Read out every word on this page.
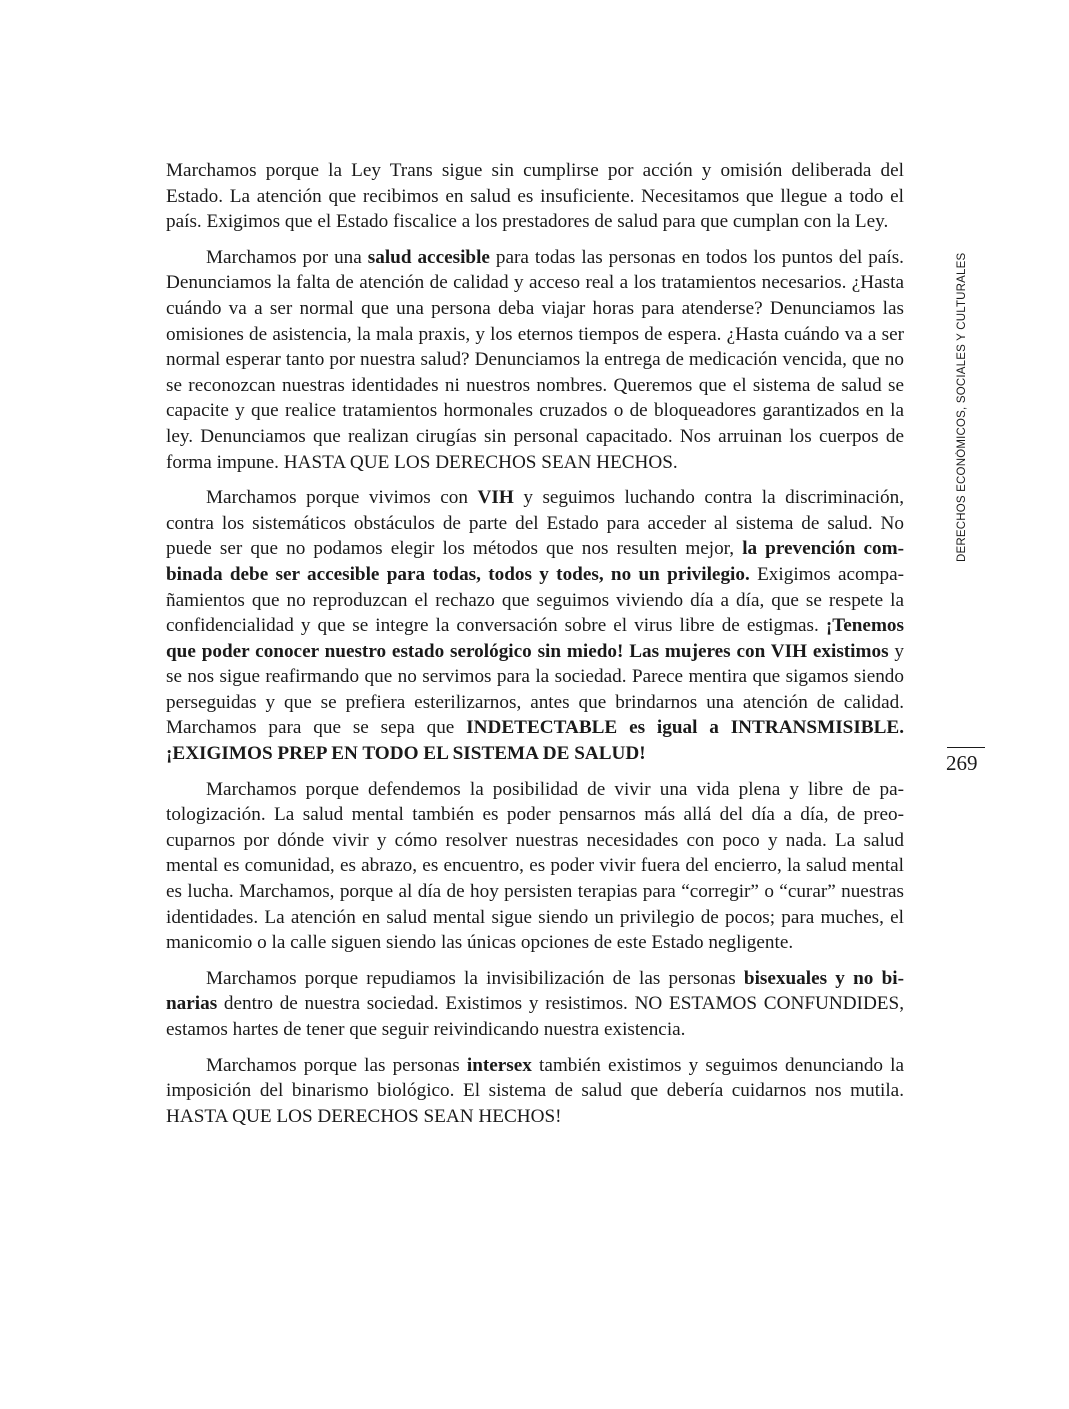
Marchamos porque la Ley Trans sigue sin cumplirse por acción y omisión deliberada del Estado. La atención que recibimos en salud es insuficiente. Necesitamos que llegue a todo el país. Exigimos que el Estado fiscalice a los prestadores de salud para que cumplan con la Ley.

Marchamos por una salud accesible para todas las personas en todos los puntos del país. Denunciamos la falta de atención de calidad y acceso real a los tratamientos necesarios. ¿Hasta cuándo va a ser normal que una persona deba viajar horas para atenderse? Denunciamos las omisiones de asistencia, la mala praxis, y los eternos tiempos de espera. ¿Hasta cuándo va a ser normal esperar tanto por nuestra salud? Denunciamos la entrega de medicación vencida, que no se reconozcan nuestras identidades ni nuestros nombres. Queremos que el sistema de salud se capacite y que realice tratamientos hormonales cruzados o de bloqueadores garantizados en la ley. Denunciamos que realizan cirugías sin personal capacitado. Nos arruinan los cuerpos de forma impune. HASTA QUE LOS DERECHOS SEAN HECHOS.

Marchamos porque vivimos con VIH y seguimos luchando contra la discriminación, contra los sistemáticos obstáculos de parte del Estado para acceder al sistema de salud. No puede ser que no podamos elegir los métodos que nos resulten mejor, la prevención combinada debe ser accesible para todas, todos y todes, no un privilegio. Exigimos acompañamientos que no reproduzcan el rechazo que seguimos viviendo día a día, que se respete la confidencialidad y que se integre la conversación sobre el virus libre de estigmas. ¡Tenemos que poder conocer nuestro estado serológico sin miedo! Las mujeres con VIH existimos y se nos sigue reafirmando que no servimos para la sociedad. Parece mentira que sigamos siendo perseguidas y que se prefiera esterilizarnos, antes que brindarnos una atención de calidad. Marchamos para que se sepa que INDETECTABLE es igual a INTRANSMISIBLE. ¡EXIGIMOS PREP EN TODO EL SISTEMA DE SALUD!

Marchamos porque defendemos la posibilidad de vivir una vida plena y libre de patologización. La salud mental también es poder pensarnos más allá del día a día, de preocuparnos por dónde vivir y cómo resolver nuestras necesidades con poco y nada. La salud mental es comunidad, es abrazo, es encuentro, es poder vivir fuera del encierro, la salud mental es lucha. Marchamos, porque al día de hoy persisten terapias para “corregir” o “curar” nuestras identidades. La atención en salud mental sigue siendo un privilegio de pocos; para muches, el manicomio o la calle siguen siendo las únicas opciones de este Estado negligente.

Marchamos porque repudiamos la invisibilización de las personas bisexuales y no binarias dentro de nuestra sociedad. Existimos y resistimos. NO ESTAMOS CONFUNDIDES, estamos hartes de tener que seguir reivindicando nuestra existencia.

Marchamos porque las personas intersex también existimos y seguimos denunciando la imposición del binarismo biológico. El sistema de salud que debería cuidarnos nos mutila. HASTA QUE LOS DERECHOS SEAN HECHOS!

DERECHOS ECONÓMICOS, SOCIALES Y CULTURALES
269
